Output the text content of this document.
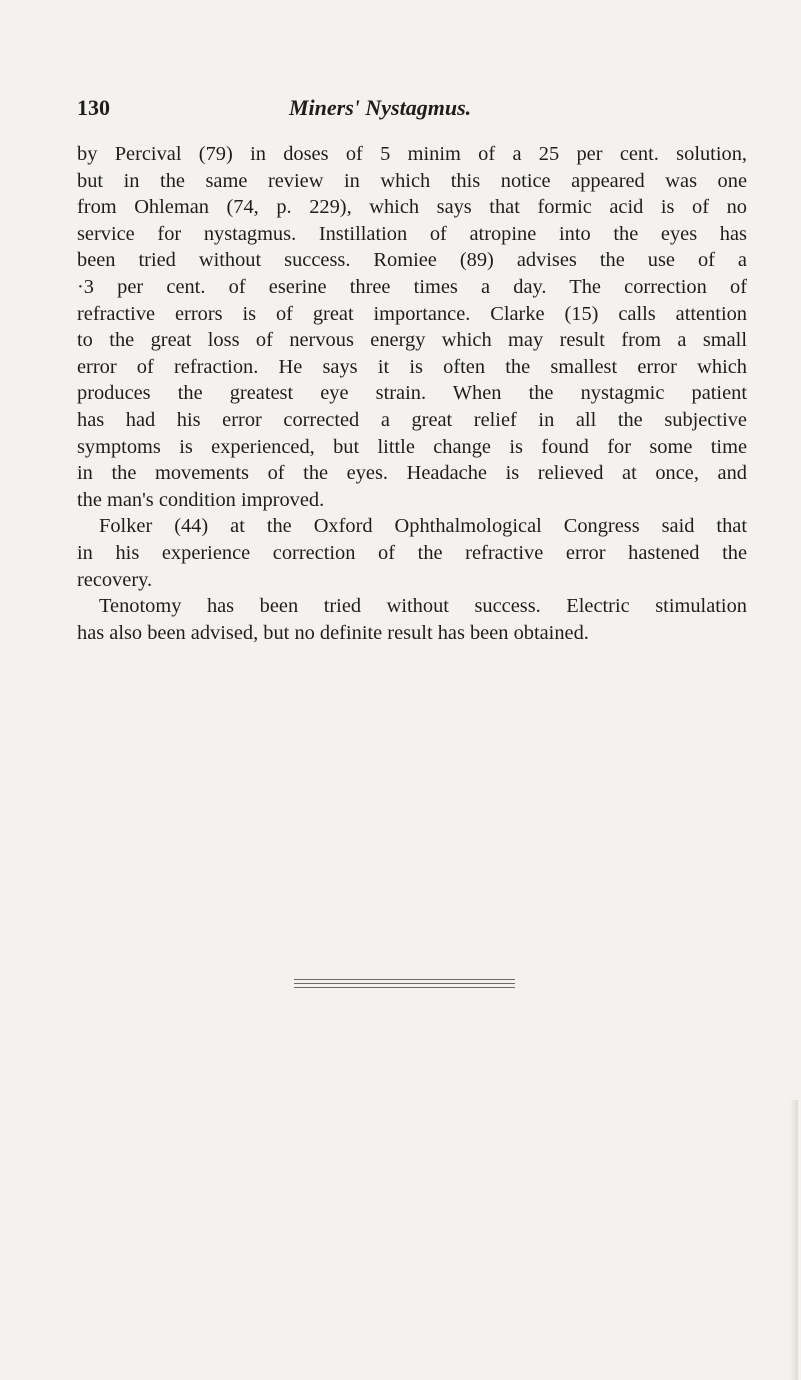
130	Miners' Nystagmus.
by Percival (79) in doses of 5 minim of a 25 per cent. solution,
but in the same review in which this notice appeared was one
from Ohleman (74, p. 229), which says that formic acid is of no
service for nystagmus. Instillation of atropine into the eyes has
been tried without success. Romiee (89) advises the use of a
·3 per cent. of eserine three times a day. The correction of
refractive errors is of great importance. Clarke (15) calls attention
to the great loss of nervous energy which may result from a small
error of refraction. He says it is often the smallest error which
produces the greatest eye strain. When the nystagmic patient
has had his error corrected a great relief in all the subjective
symptoms is experienced, but little change is found for some time
in the movements of the eyes. Headache is relieved at once, and
the man's condition improved.
Folker (44) at the Oxford Ophthalmological Congress said that
in his experience correction of the refractive error hastened the
recovery.
Tenotomy has been tried without success. Electric stimulation
has also been advised, but no definite result has been obtained.
